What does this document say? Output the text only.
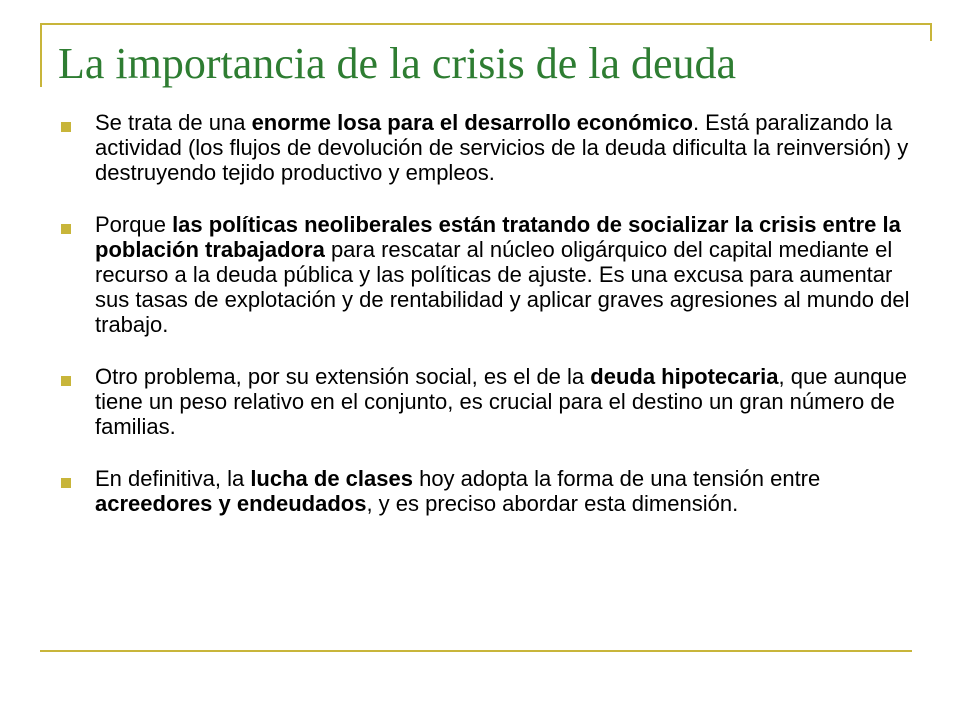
La importancia de la crisis de la deuda
Se trata de una enorme losa para el desarrollo económico. Está paralizando la actividad (los flujos de devolución de servicios de la deuda dificulta la reinversión) y destruyendo tejido productivo y empleos.
Porque las políticas neoliberales están tratando de socializar la crisis entre la población trabajadora para rescatar al núcleo oligárquico del capital mediante el recurso a la deuda pública y las políticas de ajuste. Es una excusa para aumentar sus tasas de explotación y de rentabilidad y aplicar graves agresiones al mundo del trabajo.
Otro problema, por su extensión social, es el de la deuda hipotecaria, que aunque tiene un peso relativo en el conjunto, es crucial para el destino un gran número de familias.
En definitiva, la lucha de clases hoy adopta la forma de una tensión entre acreedores y endeudados, y es preciso abordar esta dimensión.
